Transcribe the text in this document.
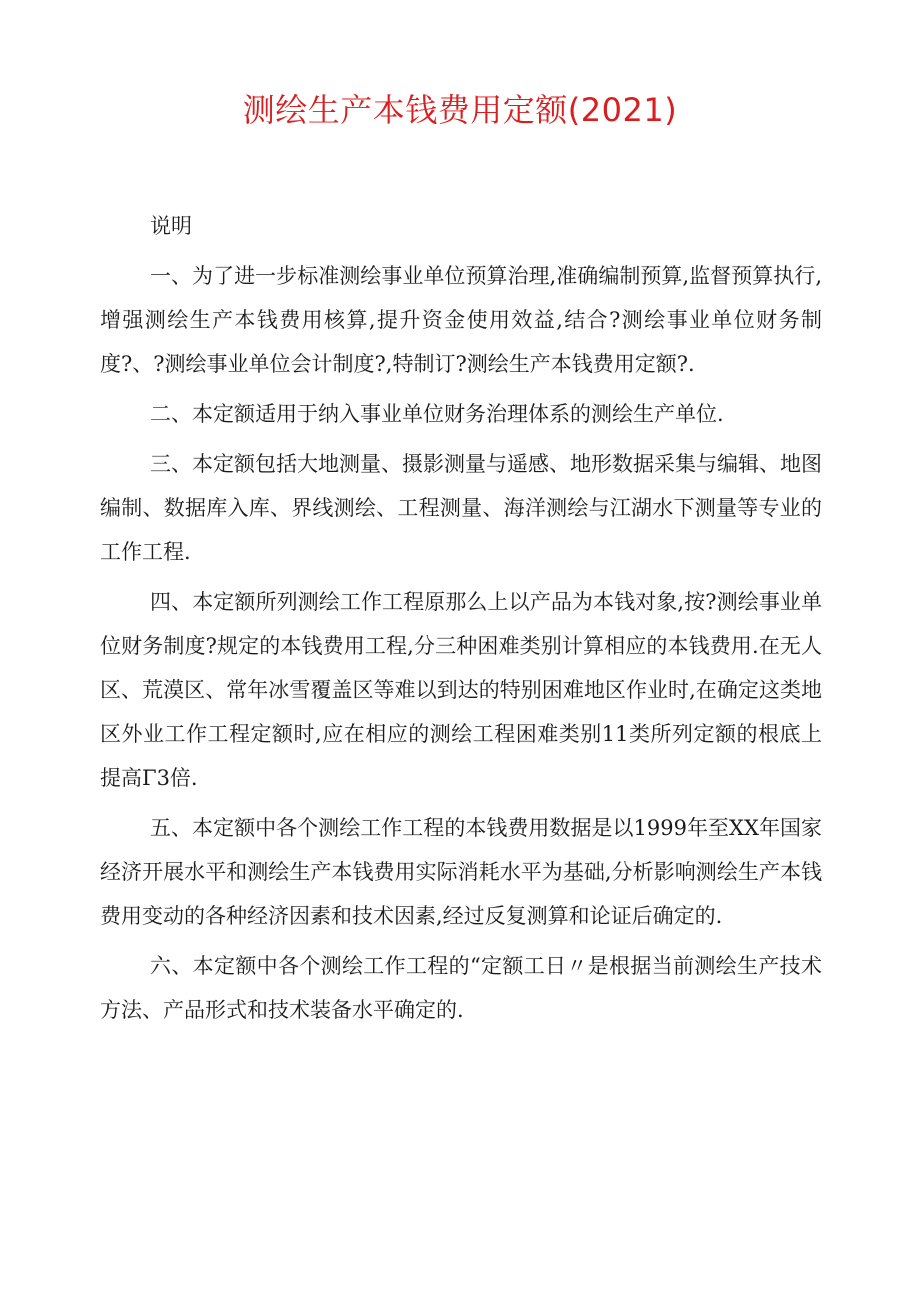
测绘生产本钱费用定额(2021)

说明

一、为了进一步标准测绘事业单位预算治理,准确编制预算,监督预算执行,增强测绘生产本钱费用核算,提升资金使用效益,结合?测绘事业单位财务制度?、?测绘事业单位会计制度?,特制订?测绘生产本钱费用定额?.

二、本定额适用于纳入事业单位财务治理体系的测绘生产单位.

三、本定额包括大地测量、摄影测量与遥感、地形数据采集与编辑、地图编制、数据库入库、界线测绘、工程测量、海洋测绘与江湖水下测量等专业的工作工程.

四、本定额所列测绘工作工程原那么上以产品为本钱对象,按?测绘事业单位财务制度?规定的本钱费用工程,分三种困难类别计算相应的本钱费用.在无人区、荒漠区、常年冰雪覆盖区等难以到达的特别困难地区作业时,在确定这类地区外业工作工程定额时,应在相应的测绘工程困难类别11类所列定额的根底上提高Γ3倍.

五、本定额中各个测绘工作工程的本钱费用数据是以1999年至XX年国家经济开展水平和测绘生产本钱费用实际消耗水平为基础,分析影响测绘生产本钱费用变动的各种经济因素和技术因素,经过反复测算和论证后确定的.

六、本定额中各个测绘工作工程的“定额工日〃是根据当前测绘生产技术方法、产品形式和技术装备水平确定的.
